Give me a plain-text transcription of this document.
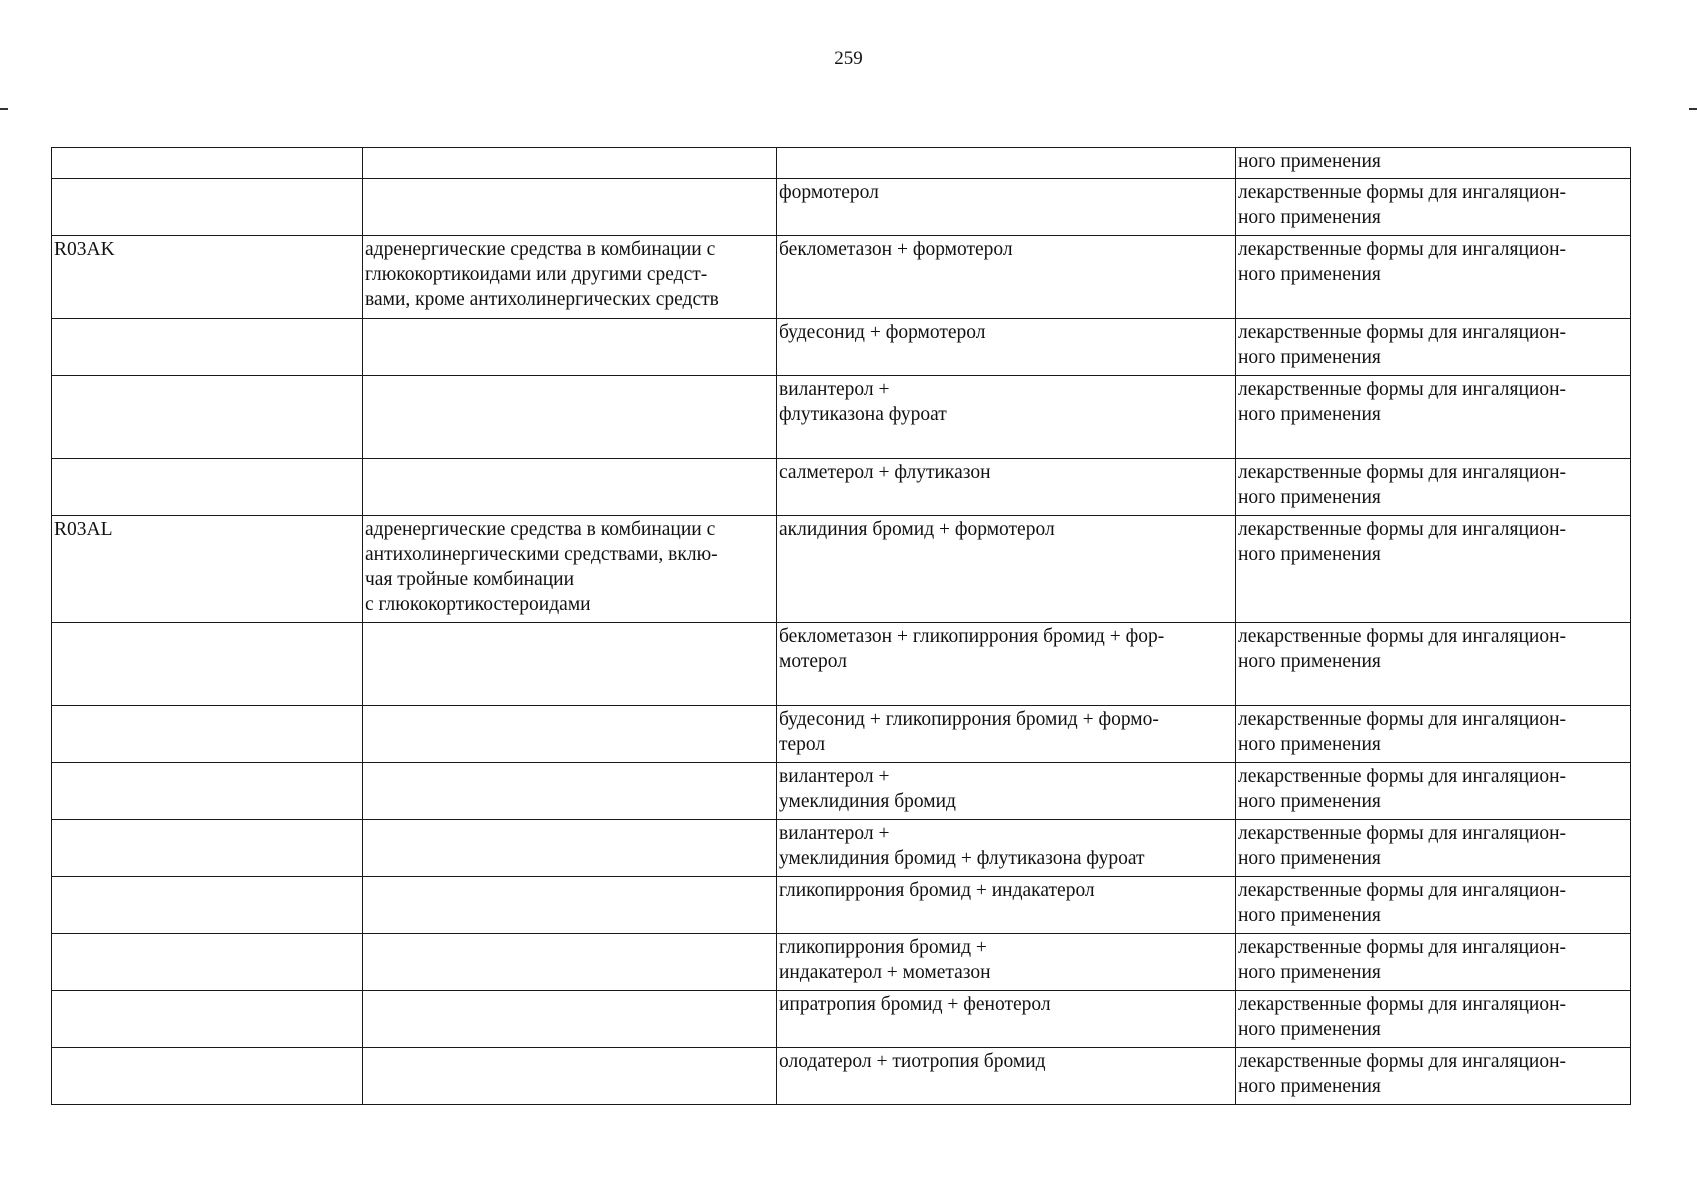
259
			ного применения
		формотерол	лекарственные формы для ингаляцион-
ного применения
R03AK	адренергические средства в комбинации с
глюкокортикоидами или другими средст-
вами, кроме антихолинергических средств	беклометазон + формотерол	лекарственные формы для ингаляцион-
ного применения
		будесонид + формотерол	лекарственные формы для ингаляцион-
ного применения
		вилантерол +
флутиказона фуроат	лекарственные формы для ингаляцион-
ного применения
		салметерол + флутиказон	лекарственные формы для ингаляцион-
ного применения
R03AL	адренергические средства в комбинации с
антихолинергическими средствами, вклю-
чая тройные комбинации
с глюкокортикостероидами	аклидиния бромид + формотерол	лекарственные формы для ингаляцион-
ного применения
		беклометазон + гликопиррония бромид + фор-
мотерол	лекарственные формы для ингаляцион-
ного применения
		будесонид + гликопиррония бромид + формо-
терол	лекарственные формы для ингаляцион-
ного применения
		вилантерол +
умеклидиния бромид	лекарственные формы для ингаляцион-
ного применения
		вилантерол +
умеклидиния бромид + флутиказона фуроат	лекарственные формы для ингаляцион-
ного применения
		гликопиррония бромид + индакатерол	лекарственные формы для ингаляцион-
ного применения
		гликопиррония бромид +
индакатерол + мометазон	лекарственные формы для ингаляцион-
ного применения
		ипратропия бромид + фенотерол	лекарственные формы для ингаляцион-
ного применения
		олодатерол + тиотропия бромид	лекарственные формы для ингаляцион-
ного применения
